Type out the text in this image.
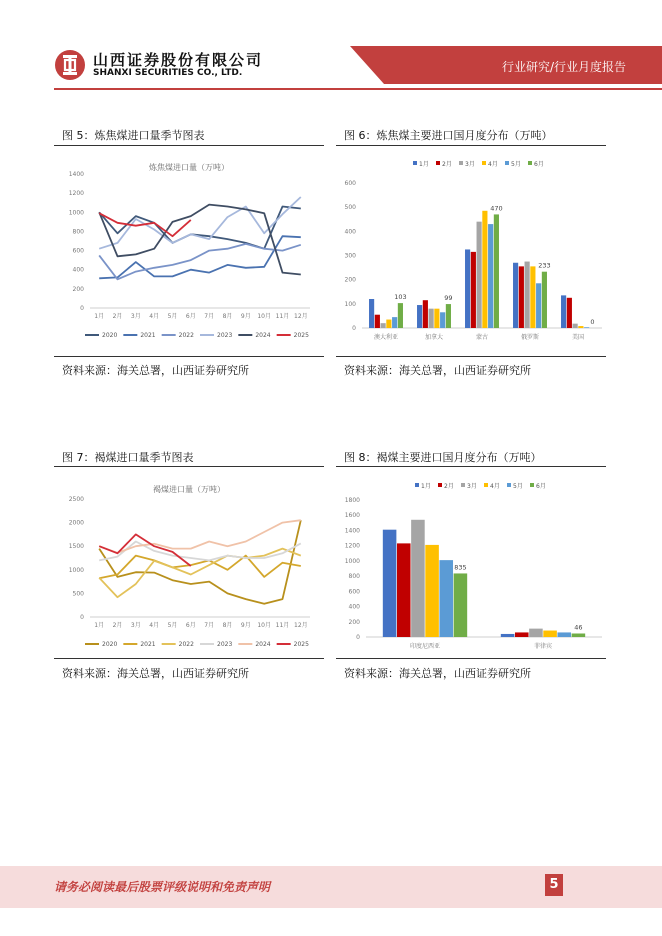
山西证券股份有限公司
SHANXI SECURITIES CO., LTD.	行业研究/行业月度报告
图 5：炼焦煤进口量季节图表
炼焦煤进口量（万吨）
0
200
400
600
800
1000
1200
1400
1月 2月 3月 4月 5月 6月 7月 8月 9月 10月 11月 12月
2020	2021	2022	2023	2024	2025
资料来源：海关总署，山西证券研究所
图 6：炼焦煤主要进口国月度分布（万吨）
1月 2月 3月 4月 5月 6月
0
100
200
300
400
500
600
103
澳大利亚
99
加拿大
470
蒙古
233
俄罗斯
0
美国
资料来源：海关总署，山西证券研究所
图 7：褐煤进口量季节图表
褐煤进口量（万吨）
0
500
1000
1500
2000
2500
1月 2月 3月 4月 5月 6月 7月 8月 9月 10月 11月 12月
2020	2021	2022	2023	2024	2025
资料来源：海关总署，山西证券研究所
图 8：褐煤主要进口国月度分布（万吨）
1月 2月 3月 4月 5月 6月
0
200
400
600
800
1000
1200
1400
1600
1800
835
印度尼西亚
46
菲律宾
资料来源：海关总署，山西证券研究所
请务必阅读最后股票评级说明和免责声明	5
